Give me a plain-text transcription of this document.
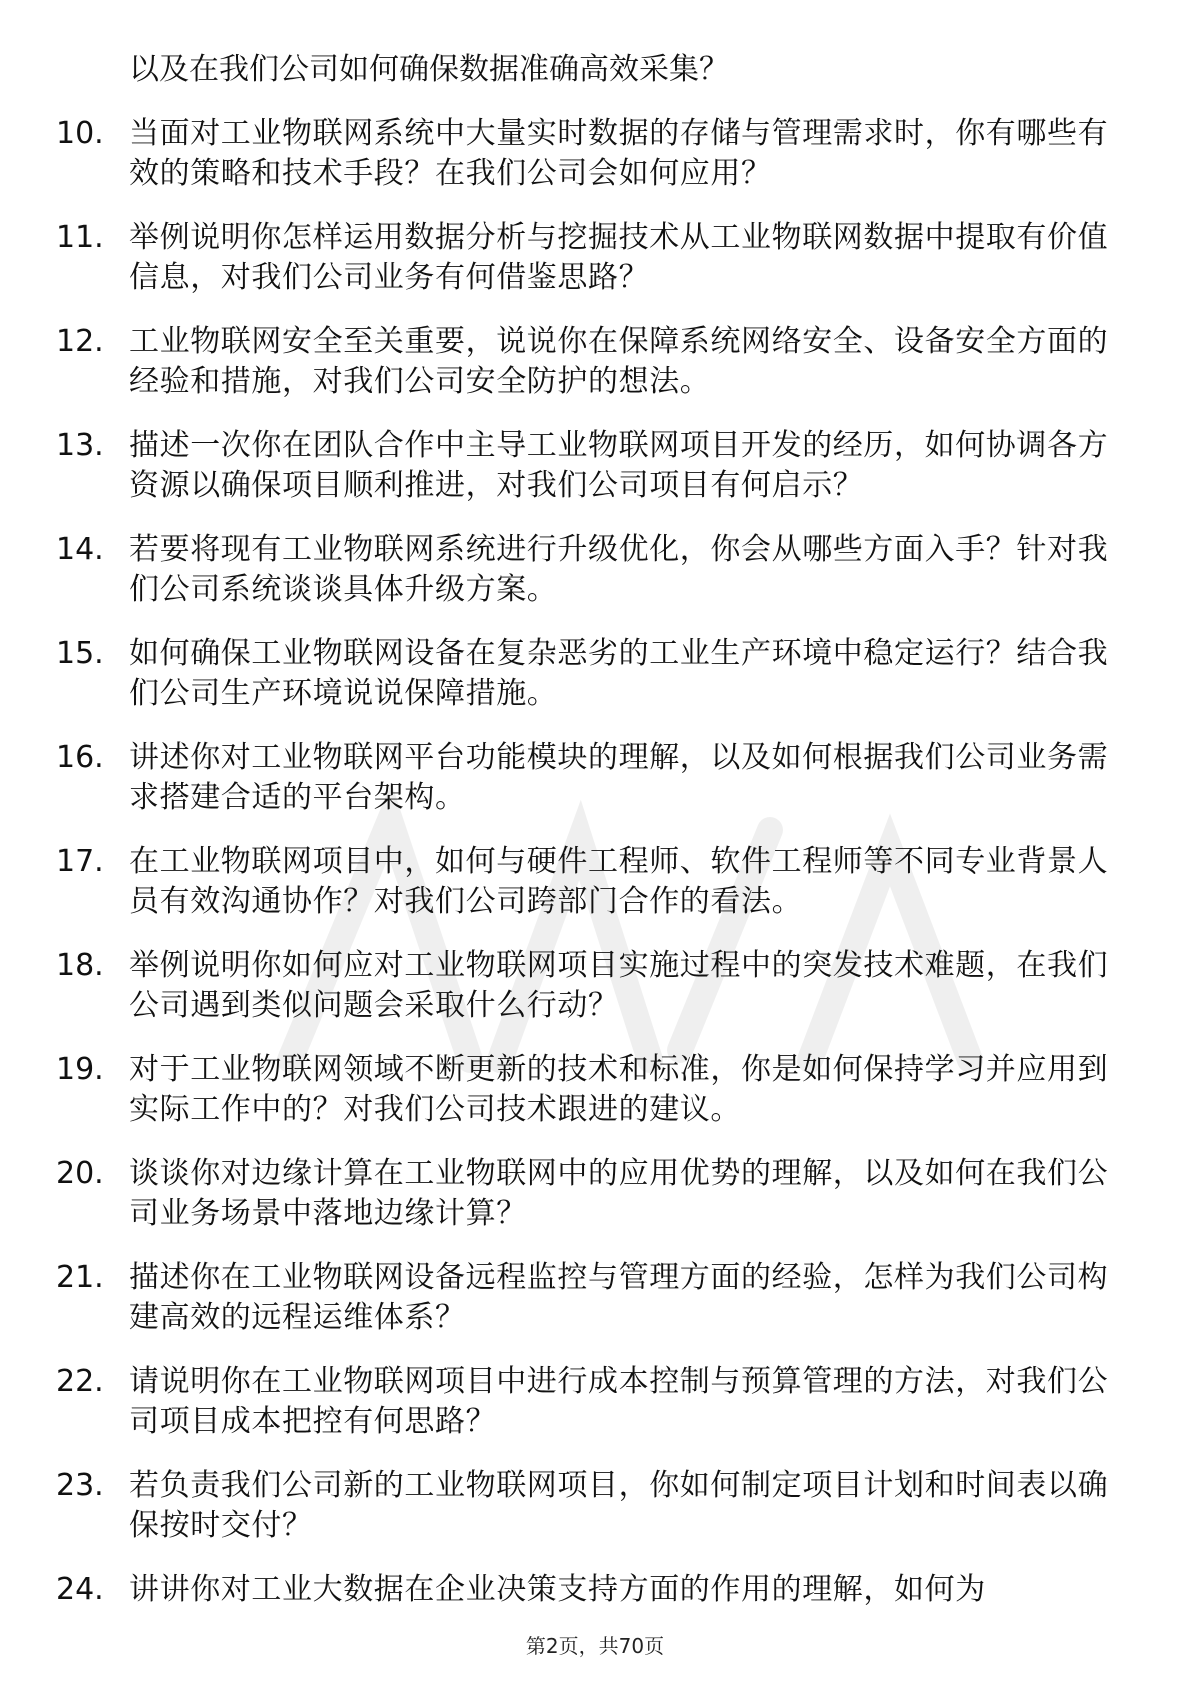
以及在我们公司如何确保数据准确高效采集？

10. 当面对工业物联网系统中大量实时数据的存储与管理需求时，你有哪些有效的策略和技术手段？在我们公司会如何应用？
11. 举例说明你怎样运用数据分析与挖掘技术从工业物联网数据中提取有价值信息，对我们公司业务有何借鉴思路？
12. 工业物联网安全至关重要，说说你在保障系统网络安全、设备安全方面的经验和措施，对我们公司安全防护的想法。
13. 描述一次你在团队合作中主导工业物联网项目开发的经历，如何协调各方资源以确保项目顺利推进，对我们公司项目有何启示？
14. 若要将现有工业物联网系统进行升级优化，你会从哪些方面入手？针对我们公司系统谈谈具体升级方案。
15. 如何确保工业物联网设备在复杂恶劣的工业生产环境中稳定运行？结合我们公司生产环境说说保障措施。
16. 讲述你对工业物联网平台功能模块的理解，以及如何根据我们公司业务需求搭建合适的平台架构。
17. 在工业物联网项目中，如何与硬件工程师、软件工程师等不同专业背景人员有效沟通协作？对我们公司跨部门合作的看法。
18. 举例说明你如何应对工业物联网项目实施过程中的突发技术难题，在我们公司遇到类似问题会采取什么行动？
19. 对于工业物联网领域不断更新的技术和标准，你是如何保持学习并应用到实际工作中的？对我们公司技术跟进的建议。
20. 谈谈你对边缘计算在工业物联网中的应用优势的理解，以及如何在我们公司业务场景中落地边缘计算？
21. 描述你在工业物联网设备远程监控与管理方面的经验，怎样为我们公司构建高效的远程运维体系？
22. 请说明你在工业物联网项目中进行成本控制与预算管理的方法，对我们公司项目成本把控有何思路？
23. 若负责我们公司新的工业物联网项目，你如何制定项目计划和时间表以确保按时交付？
24. 讲讲你对工业大数据在企业决策支持方面的作用的理解，如何为
第2页，共70页
